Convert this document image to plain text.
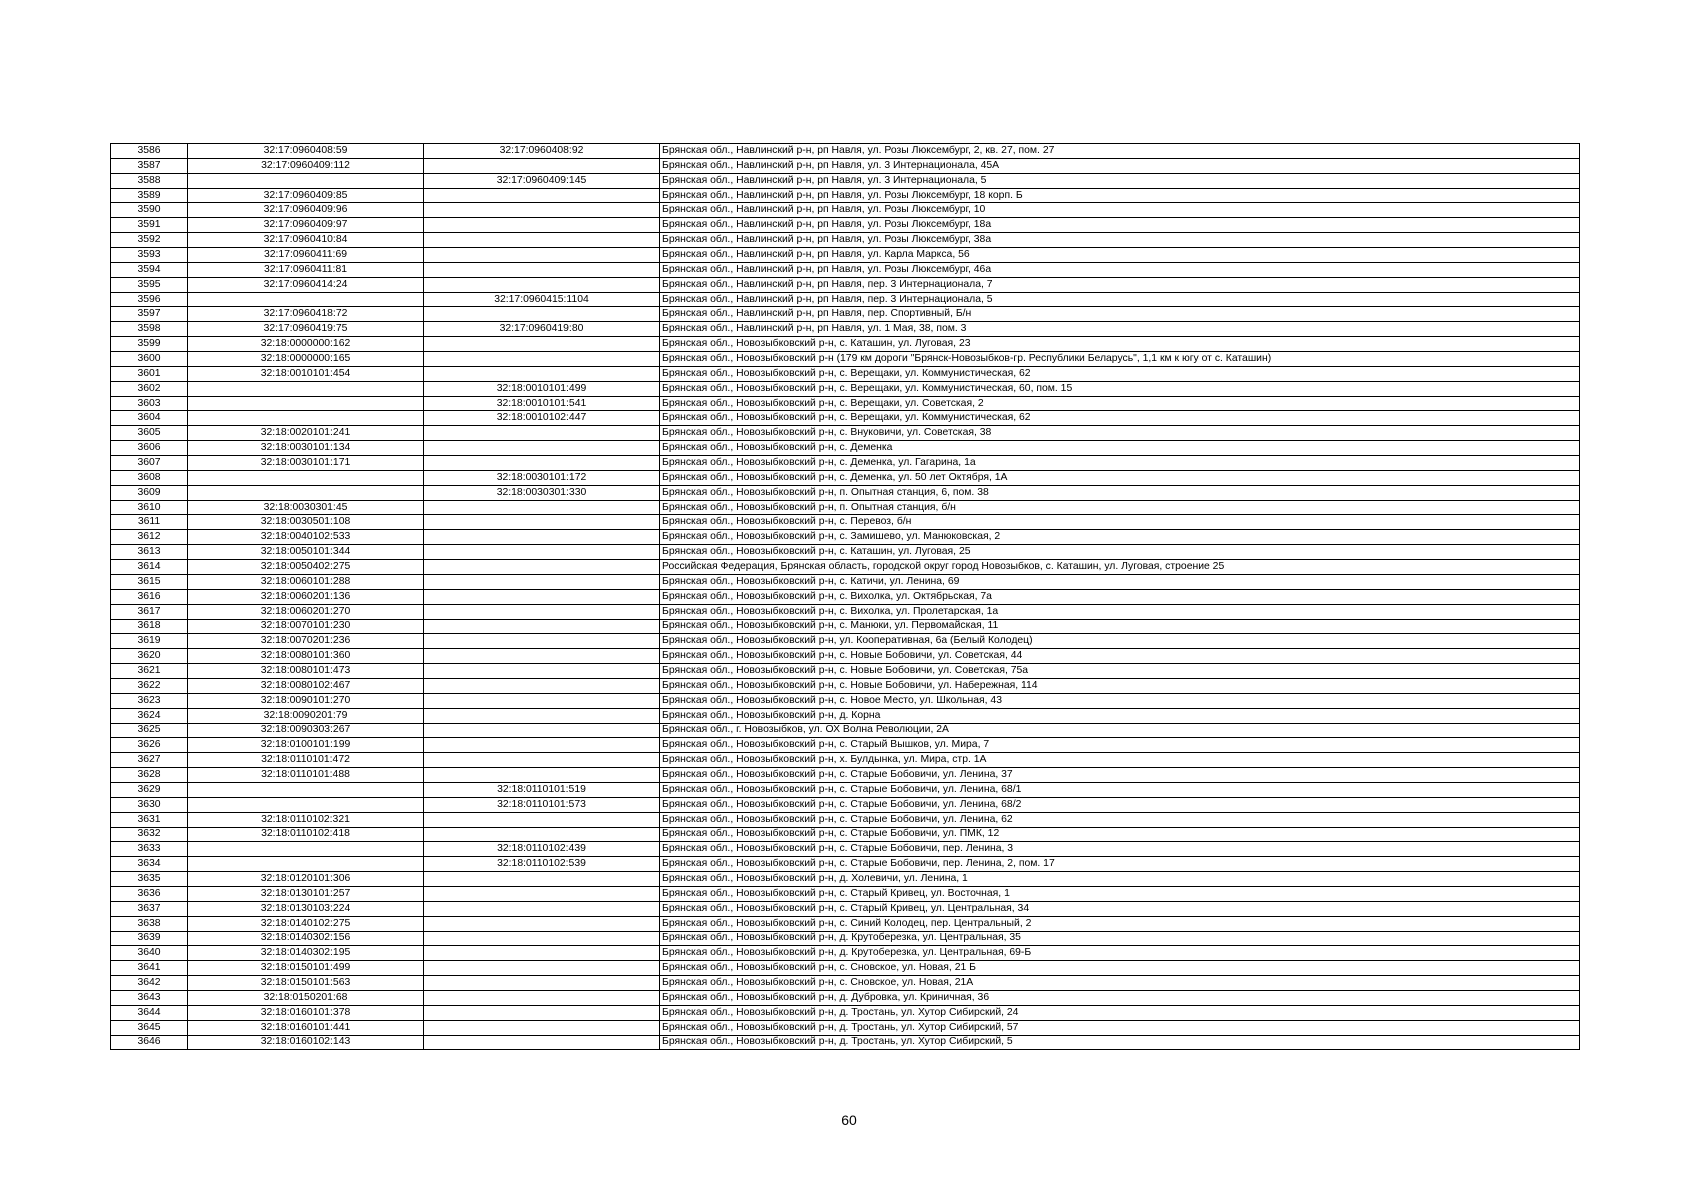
3586	32:17:0960408:59	32:17:0960408:92	Брянская обл., Навлинский р-н, рп Навля, ул. Розы Люксембург, 2, кв. 27, пом. 27
3587	32:17:0960409:112		Брянская обл., Навлинский р-н, рп Навля, ул. 3 Интернационала, 45А
3588		32:17:0960409:145	Брянская обл., Навлинский р-н, рп Навля, ул. 3 Интернационала, 5
3589	32:17:0960409:85		Брянская обл., Навлинский р-н, рп Навля, ул. Розы Люксембург, 18 корп. Б
3590	32:17:0960409:96		Брянская обл., Навлинский р-н, рп Навля, ул. Розы Люксембург, 10
3591	32:17:0960409:97		Брянская обл., Навлинский р-н, рп Навля, ул. Розы Люксембург, 18а
3592	32:17:0960410:84		Брянская обл., Навлинский р-н, рп Навля, ул. Розы Люксембург, 38а
3593	32:17:0960411:69		Брянская обл., Навлинский р-н, рп Навля, ул. Карла Маркса, 56
3594	32:17:0960411:81		Брянская обл., Навлинский р-н, рп Навля, ул. Розы Люксембург, 46а
3595	32:17:0960414:24		Брянская обл., Навлинский р-н, рп Навля, пер. 3 Интернационала, 7
3596		32:17:0960415:1104	Брянская обл., Навлинский р-н, рп Навля, пер. 3 Интернационала, 5
3597	32:17:0960418:72		Брянская обл., Навлинский р-н, рп Навля, пер. Спортивный, Б/н
3598	32:17:0960419:75	32:17:0960419:80	Брянская обл., Навлинский р-н, рп Навля, ул. 1 Мая, 38, пом. 3
3599	32:18:0000000:162		Брянская обл., Новозыбковский р-н, с. Каташин, ул. Луговая, 23
3600	32:18:0000000:165		Брянская обл., Новозыбковский р-н (179 км дороги "Брянск-Новозыбков-гр. Республики Беларусь", 1,1 км к югу от с. Каташин)
3601	32:18:0010101:454		Брянская обл., Новозыбковский р-н, с. Верещаки, ул. Коммунистическая, 62
3602		32:18:0010101:499	Брянская обл., Новозыбковский р-н, с. Верещаки, ул. Коммунистическая, 60, пом. 15
3603		32:18:0010101:541	Брянская обл., Новозыбковский р-н, с. Верещаки, ул. Советская, 2
3604		32:18:0010102:447	Брянская обл., Новозыбковский р-н, с. Верещаки, ул. Коммунистическая, 62
3605	32:18:0020101:241		Брянская обл., Новозыбковский р-н, с. Внуковичи, ул. Советская, 38
3606	32:18:0030101:134		Брянская обл., Новозыбковский р-н, с. Деменка
3607	32:18:0030101:171		Брянская обл., Новозыбковский р-н, с. Деменка, ул. Гагарина, 1а
3608		32:18:0030101:172	Брянская обл., Новозыбковский р-н, с. Деменка, ул. 50 лет Октября, 1А
3609		32:18:0030301:330	Брянская обл., Новозыбковский р-н, п. Опытная станция, 6, пом. 38
3610	32:18:0030301:45		Брянская обл., Новозыбковский р-н, п. Опытная станция, б/н
3611	32:18:0030501:108		Брянская обл., Новозыбковский р-н, с. Перевоз, б/н
3612	32:18:0040102:533		Брянская обл., Новозыбковский р-н, с. Замишево, ул. Манюковская, 2
3613	32:18:0050101:344		Брянская обл., Новозыбковский р-н, с. Каташин, ул. Луговая, 25
3614	32:18:0050402:275		Российская Федерация, Брянская область, городской округ город Новозыбков, с. Каташин, ул. Луговая, строение 25
3615	32:18:0060101:288		Брянская обл., Новозыбковский р-н, с. Катичи, ул. Ленина, 69
3616	32:18:0060201:136		Брянская обл., Новозыбковский р-н, с. Вихолка, ул. Октябрьская, 7а
3617	32:18:0060201:270		Брянская обл., Новозыбковский р-н, с. Вихолка, ул. Пролетарская, 1а
3618	32:18:0070101:230		Брянская обл., Новозыбковский р-н, с. Манюки, ул. Первомайская, 11
3619	32:18:0070201:236		Брянская обл., Новозыбковский р-н, ул. Кооперативная, 6а (Белый Колодец)
3620	32:18:0080101:360		Брянская обл., Новозыбковский р-н, с. Новые Бобовичи, ул. Советская, 44
3621	32:18:0080101:473		Брянская обл., Новозыбковский р-н, с. Новые Бобовичи, ул. Советская, 75а
3622	32:18:0080102:467		Брянская обл., Новозыбковский р-н, с. Новые Бобовичи, ул. Набережная, 114
3623	32:18:0090101:270		Брянская обл., Новозыбковский р-н, с. Новое Место, ул. Школьная, 43
3624	32:18:0090201:79		Брянская обл., Новозыбковский р-н, д. Корна
3625	32:18:0090303:267		Брянская обл., г. Новозыбков, ул. ОХ Волна Революции, 2А
3626	32:18:0100101:199		Брянская обл., Новозыбковский р-н, с. Старый Вышков, ул. Мира, 7
3627	32:18:0110101:472		Брянская обл., Новозыбковский р-н, х. Булдынка, ул. Мира, стр. 1А
3628	32:18:0110101:488		Брянская обл., Новозыбковский р-н, с. Старые Бобовичи, ул. Ленина, 37
3629		32:18:0110101:519	Брянская обл., Новозыбковский р-н, с. Старые Бобовичи, ул. Ленина, 68/1
3630		32:18:0110101:573	Брянская обл., Новозыбковский р-н, с. Старые Бобовичи, ул. Ленина, 68/2
3631	32:18:0110102:321		Брянская обл., Новозыбковский р-н, с. Старые Бобовичи, ул. Ленина, 62
3632	32:18:0110102:418		Брянская обл., Новозыбковский р-н, с. Старые Бобовичи, ул. ПМК, 12
3633		32:18:0110102:439	Брянская обл., Новозыбковский р-н, с. Старые Бобовичи, пер. Ленина, 3
3634		32:18:0110102:539	Брянская обл., Новозыбковский р-н, с. Старые Бобовичи, пер. Ленина, 2, пом. 17
3635	32:18:0120101:306		Брянская обл., Новозыбковский р-н, д. Холевичи, ул. Ленина, 1
3636	32:18:0130101:257		Брянская обл., Новозыбковский р-н, с. Старый Кривец, ул. Восточная, 1
3637	32:18:0130103:224		Брянская обл., Новозыбковский р-н, с. Старый Кривец, ул. Центральная, 34
3638	32:18:0140102:275		Брянская обл., Новозыбковский р-н, с. Синий Колодец, пер. Центральный, 2
3639	32:18:0140302:156		Брянская обл., Новозыбковский р-н, д. Крутоберезка, ул. Центральная, 35
3640	32:18:0140302:195		Брянская обл., Новозыбковский р-н, д. Крутоберезка, ул. Центральная, 69-Б
3641	32:18:0150101:499		Брянская обл., Новозыбковский р-н, с. Сновское, ул. Новая, 21 Б
3642	32:18:0150101:563		Брянская обл., Новозыбковский р-н, с. Сновское, ул. Новая, 21А
3643	32:18:0150201:68		Брянская обл., Новозыбковский р-н, д. Дубровка, ул. Криничная, 36
3644	32:18:0160101:378		Брянская обл., Новозыбковский р-н, д. Тростань, ул. Хутор Сибирский, 24
3645	32:18:0160101:441		Брянская обл., Новозыбковский р-н, д. Тростань, ул. Хутор Сибирский, 57
3646	32:18:0160102:143		Брянская обл., Новозыбковский р-н, д. Тростань, ул. Хутор Сибирский, 5
60
